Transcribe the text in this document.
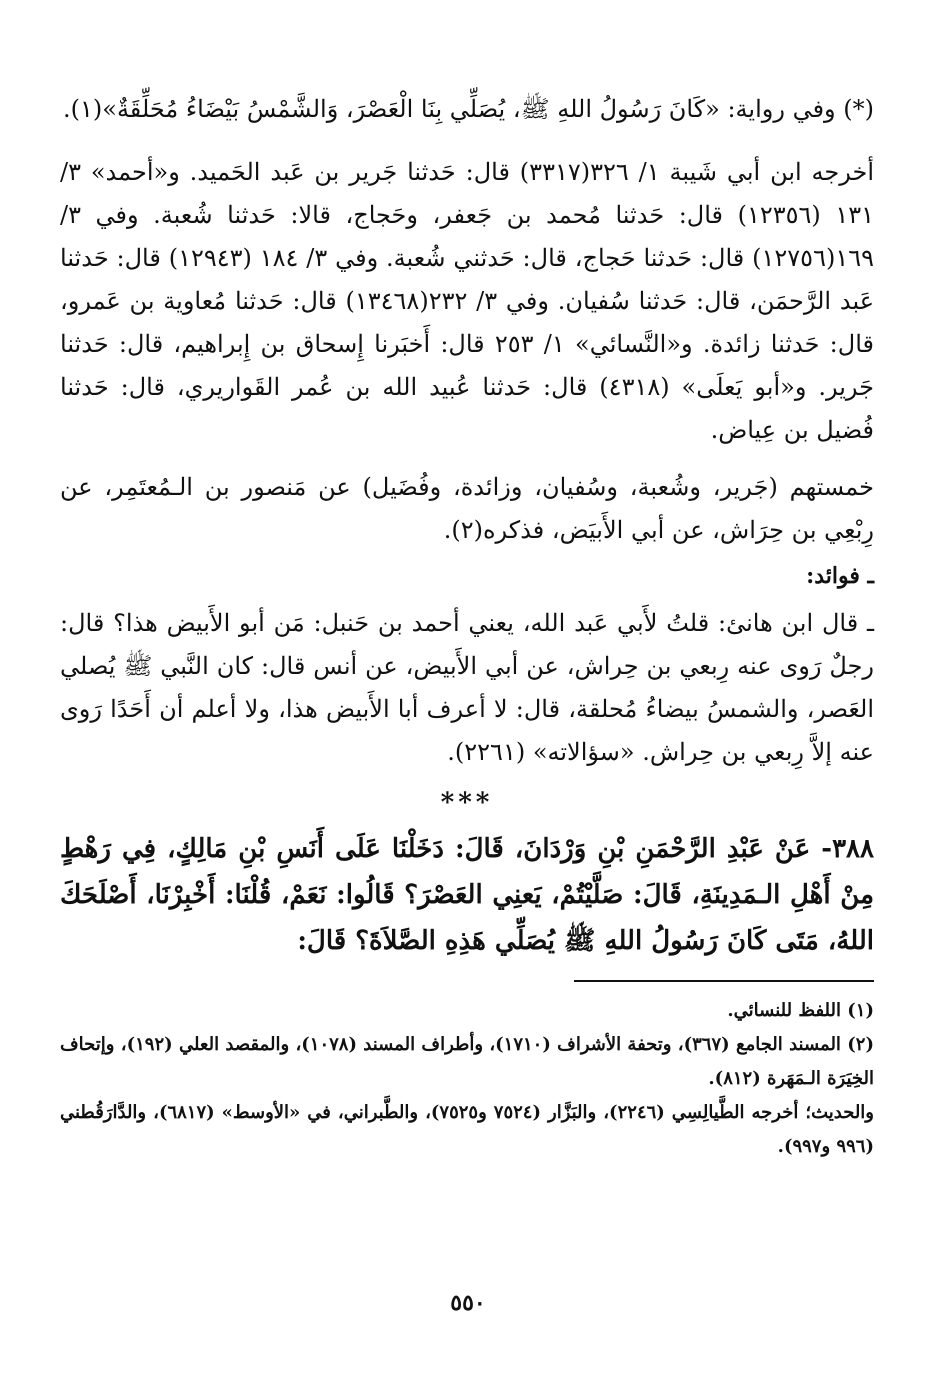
(*) وفي رواية: «كَانَ رَسُولُ اللهِ ﷺ، يُصَلِّي بِنَا الْعَصْرَ، وَالشَّمْسُ بَيْضَاءُ مُحَلِّقَةٌ»(١).

أخرجه ابن أبي شَيبة ١/ ٣٢٦(٣٣١٧) قال: حَدثنا جَرير بن عَبد الحَميد. و«أحمد» ٣/ ١٣١ (١٢٣٥٦) قال: حَدثنا مُحمد بن جَعفر، وحَجاج، قالا: حَدثنا شُعبة. وفي ٣/ ١٦٩(١٢٧٥٦) قال: حَدثنا حَجاج، قال: حَدثني شُعبة. وفي ٣/ ١٨٤ (١٢٩٤٣) قال: حَدثنا عَبد الرَّحمَن، قال: حَدثنا سُفيان. وفي ٣/ ٢٣٢(١٣٤٦٨) قال: حَدثنا مُعاوية بن عَمرو، قال: حَدثنا زائدة. و«النَّسائي» ١/ ٢٥٣ قال: أَخبَرنا إِسحاق بن إِبراهيم، قال: حَدثنا جَرير. و«أبو يَعلَى» (٤٣١٨) قال: حَدثنا عُبيد الله بن عُمر القَواريري، قال: حَدثنا فُضيل بن عِياض.

خمستهم (جَرير، وشُعبة، وسُفيان، وزائدة، وفُضَيل) عن مَنصور بن الـمُعتَمِر، عن رِبْعِي بن حِرَاش، عن أبي الأَبيَض، فذكره(٢).

ـ فوائد:

ـ قال ابن هانئ: قلتُ لأَبي عَبد الله، يعني أحمد بن حَنبل: مَن أبو الأَبيض هذا؟ قال: رجلٌ رَوى عنه رِبعي بن حِراش، عن أبي الأَبيض، عن أنس قال: كان النَّبي ﷺ يُصلي العَصر، والشمسُ بيضاءُ مُحلقة، قال: لا أعرف أبا الأَبيض هذا، ولا أعلم أن أَحَدًا رَوى عنه إلاَّ رِبعي بن حِراش. «سؤالاته» (٢٢٦١).

***

٣٨٨- عَنْ عَبْدِ الرَّحْمَنِ بْنِ وَرْدَانَ، قَالَ: دَخَلْنَا عَلَى أَنَسِ بْنِ مَالِكٍ، فِي رَهْطٍ مِنْ أَهْلِ الـمَدِينَةِ، قَالَ: صَلَّيْتُمْ، يَعنِي العَصْرَ؟ قَالُوا: نَعَمْ، قُلْنَا: أَخْبِرْنَا، أَصْلَحَكَ اللهُ، مَتَى كَانَ رَسُولُ اللهِ ﷺ يُصَلِّي هَذِهِ الصَّلاَةَ؟ قَالَ:

(١) اللفظ للنسائي.

(٢) المسند الجامع (٣٦٧)، وتحفة الأشراف (١٧١٠)، وأطراف المسند (١٠٧٨)، والمقصد العلي (١٩٢)، وإتحاف الخِيَرَة الـمَهَرة (٨١٢).

والحديث؛ أخرجه الطَّيالِسِي (٢٢٤٦)، والبَزَّار (٧٥٢٤ و٧٥٢٥)، والطَّبراني، في «الأوسط» (٦٨١٧)، والدَّارَقُطني (٩٩٦ و٩٩٧).

٥٥٠
